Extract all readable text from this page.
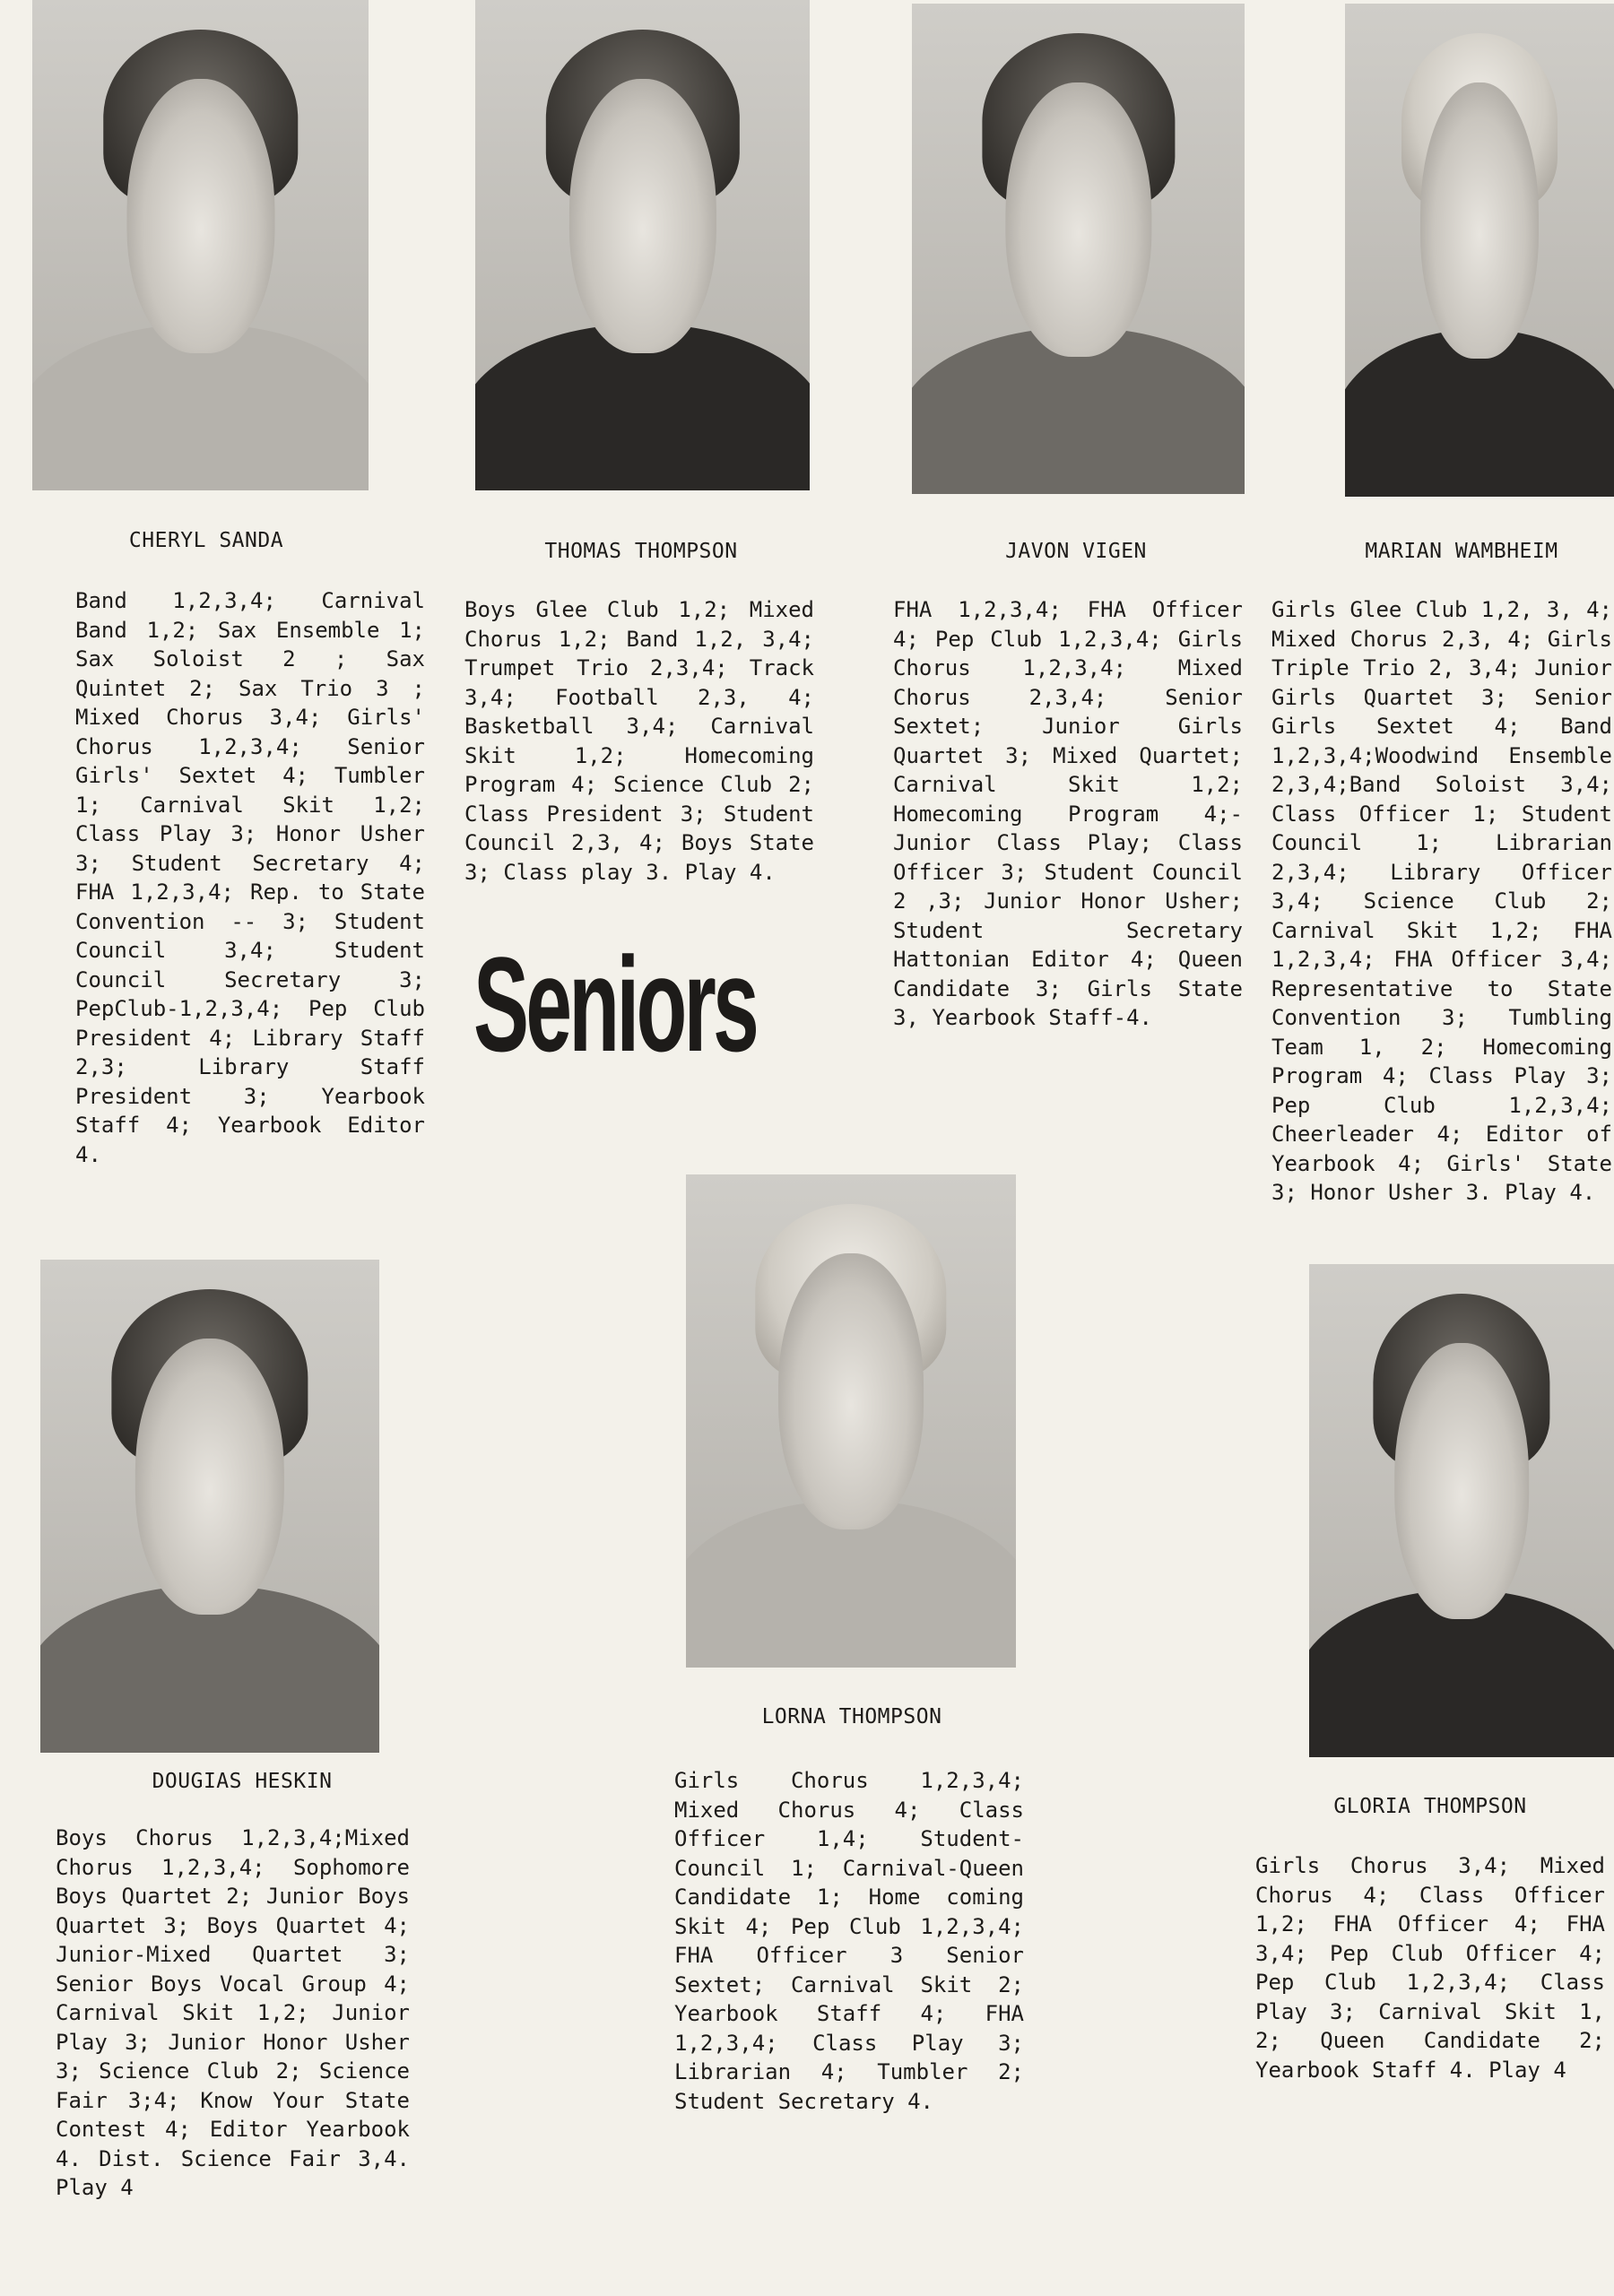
CHERYL SANDA	THOMAS THOMPSON	JAVON VIGEN	MARIAN WAMBHEIM

Band 1,2,3,4; Carnival Band 1,2; Sax Ensemble 1; Sax Soloist 2 ; Sax Quintet 2; Sax Trio 3 ; Mixed Chorus 3,4; Girls' Chorus 1,2,3,4; Senior Girls' Sextet 4; Tumbler 1; Carnival Skit 1,2; Class Play 3; Honor Usher 3; Student Secretary 4; FHA 1,2,3,4; Rep. to State Convention -- 3; Student Council 3,4; Student Council Secretary 3; PepClub-1,2,3,4; Pep Club President 4; Library Staff 2,3; Library Staff President 3; Yearbook Staff 4; Yearbook Editor 4.

Boys Glee Club 1,2; Mixed Chorus 1,2; Band 1,2, 3,4; Trumpet Trio 2,3,4; Track 3,4; Football 2,3, 4; Basketball 3,4; Carnival Skit 1,2; Homecoming Program 4; Science Club 2; Class President 3; Student Council 2,3, 4; Boys State 3; Class play 3. Play 4.

FHA 1,2,3,4; FHA Officer 4; Pep Club 1,2,3,4; Girls Chorus 1,2,3,4; Mixed Chorus 2,3,4; Senior Sextet; Junior Girls Quartet 3; Mixed Quartet; Carnival Skit 1,2; Homecoming Program 4;-Junior Class Play; Class Officer 3; Student Council 2 ,3; Junior Honor Usher; Student Secretary Hattonian Editor 4; Queen Candidate 3; Girls State 3, Yearbook Staff-4.

Girls Glee Club 1,2, 3, 4; Mixed Chorus 2,3, 4; Girls Triple Trio 2, 3,4; Junior Girls Quartet 3; Senior Girls Sextet 4; Band 1,2,3,4;Woodwind Ensemble 2,3,4;Band Soloist 3,4; Class Officer 1; Student Council 1; Librarian 2,3,4; Library Officer 3,4; Science Club 2; Carnival Skit 1,2; FHA 1,2,3,4; FHA Officer 3,4; Representative to State Convention 3; Tumbling Team 1, 2; Homecoming Program 4; Class Play 3; Pep Club 1,2,3,4; Cheerleader 4; Editor of Yearbook 4; Girls' State 3; Honor Usher 3. Play 4.

Seniors
DOUGIAS HESKIN
LORNA THOMPSON
GLORIA THOMPSON

Boys Chorus 1,2,3,4;Mixed Chorus 1,2,3,4; Sophomore Boys Quartet 2; Junior Boys Quartet 3; Boys Quartet 4; Junior-Mixed Quartet 3; Senior Boys Vocal Group 4; Carnival Skit 1,2; Junior Play 3; Junior Honor Usher 3; Science Club 2; Science Fair 3;4; Know Your State Contest 4; Editor Yearbook 4. Dist. Science Fair 3,4. Play 4

Girls Chorus 1,2,3,4; Mixed Chorus 4; Class Officer 1,4; Student-Council 1; Carnival-Queen Candidate 1; Home coming Skit 4; Pep Club 1,2,3,4; FHA Officer 3 Senior Sextet; Carnival Skit 2; Yearbook Staff 4; FHA 1,2,3,4; Class Play 3; Librarian 4; Tumbler 2; Student Secretary 4.

Girls Chorus 3,4; Mixed Chorus 4; Class Officer 1,2; FHA Officer 4; FHA 3,4; Pep Club Officer 4; Pep Club 1,2,3,4; Class Play 3; Carnival Skit 1, 2; Queen Candidate 2; Yearbook Staff 4. Play 4
